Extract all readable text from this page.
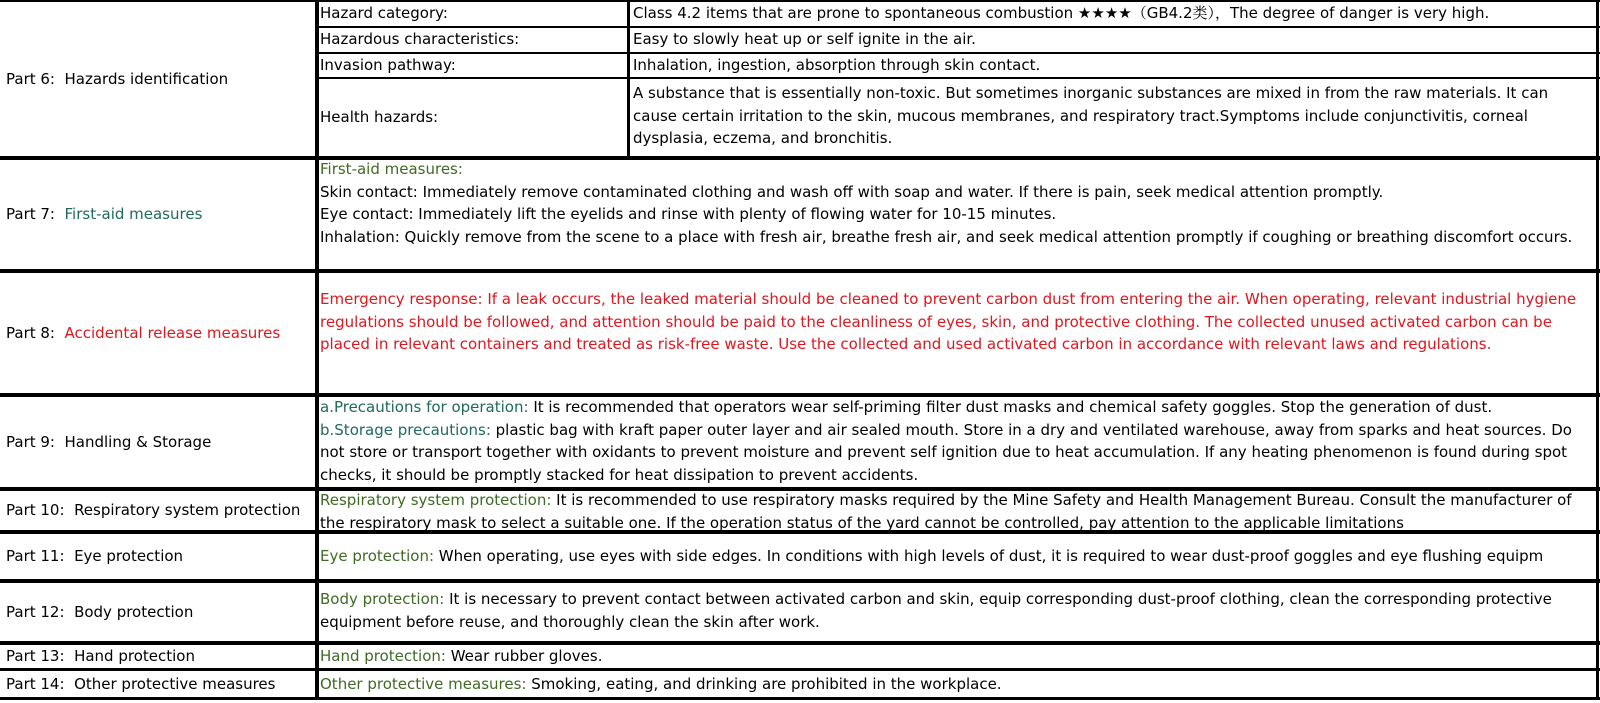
Part 6: Hazards identification
Hazard category:	Class 4.2 items that are prone to spontaneous combustion ★★★★（GB4.2类），The degree of danger is very high.
Hazardous characteristics:	Easy to slowly heat up or self ignite in the air.
Invasion pathway:	Inhalation, ingestion, absorption through skin contact.
Health hazards:
A substance that is essentially non-toxic. But sometimes inorganic substances are mixed in from the raw materials. It can cause certain irritation to the skin, mucous membranes, and respiratory tract.Symptoms include conjunctivitis, corneal dysplasia, eczema, and bronchitis.
Part 7: First-aid measures
First-aid measures:
Skin contact: Immediately remove contaminated clothing and wash off with soap and water. If there is pain, seek medical attention promptly.
Eye contact: Immediately lift the eyelids and rinse with plenty of flowing water for 10-15 minutes.
Inhalation: Quickly remove from the scene to a place with fresh air, breathe fresh air, and seek medical attention promptly if coughing or breathing discomfort occurs.
Part 8: Accidental release measures
Emergency response: If a leak occurs, the leaked material should be cleaned to prevent carbon dust from entering the air. When operating, relevant industrial hygiene regulations should be followed, and attention should be paid to the cleanliness of eyes, skin, and protective clothing. The collected unused activated carbon can be placed in relevant containers and treated as risk-free waste. Use the collected and used activated carbon in accordance with relevant laws and regulations.
Part 9: Handling & Storage
a.Precautions for operation: It is recommended that operators wear self-priming filter dust masks and chemical safety goggles. Stop the generation of dust.
b.Storage precautions: plastic bag with kraft paper outer layer and air sealed mouth. Store in a dry and ventilated warehouse, away from sparks and heat sources. Do not store or transport together with oxidants to prevent moisture and prevent self ignition due to heat accumulation. If any heating phenomenon is found during spot checks, it should be promptly stacked for heat dissipation to prevent accidents.
Part 10: Respiratory system protection
Respiratory system protection: It is recommended to use respiratory masks required by the Mine Safety and Health Management Bureau. Consult the manufacturer of the respiratory mask to select a suitable one. If the operation status of the yard cannot be controlled, pay attention to the applicable limitations
Part 11: Eye protection	Eye protection: When operating, use eyes with side edges. In conditions with high levels of dust, it is required to wear dust-proof goggles and eye flushing equipm
Part 12: Body protection
Body protection: It is necessary to prevent contact between activated carbon and skin, equip corresponding dust-proof clothing, clean the corresponding protective equipment before reuse, and thoroughly clean the skin after work.
Part 13: Hand protection	Hand protection: Wear rubber gloves.
Part 14: Other protective measures	Other protective measures: Smoking, eating, and drinking are prohibited in the workplace.
